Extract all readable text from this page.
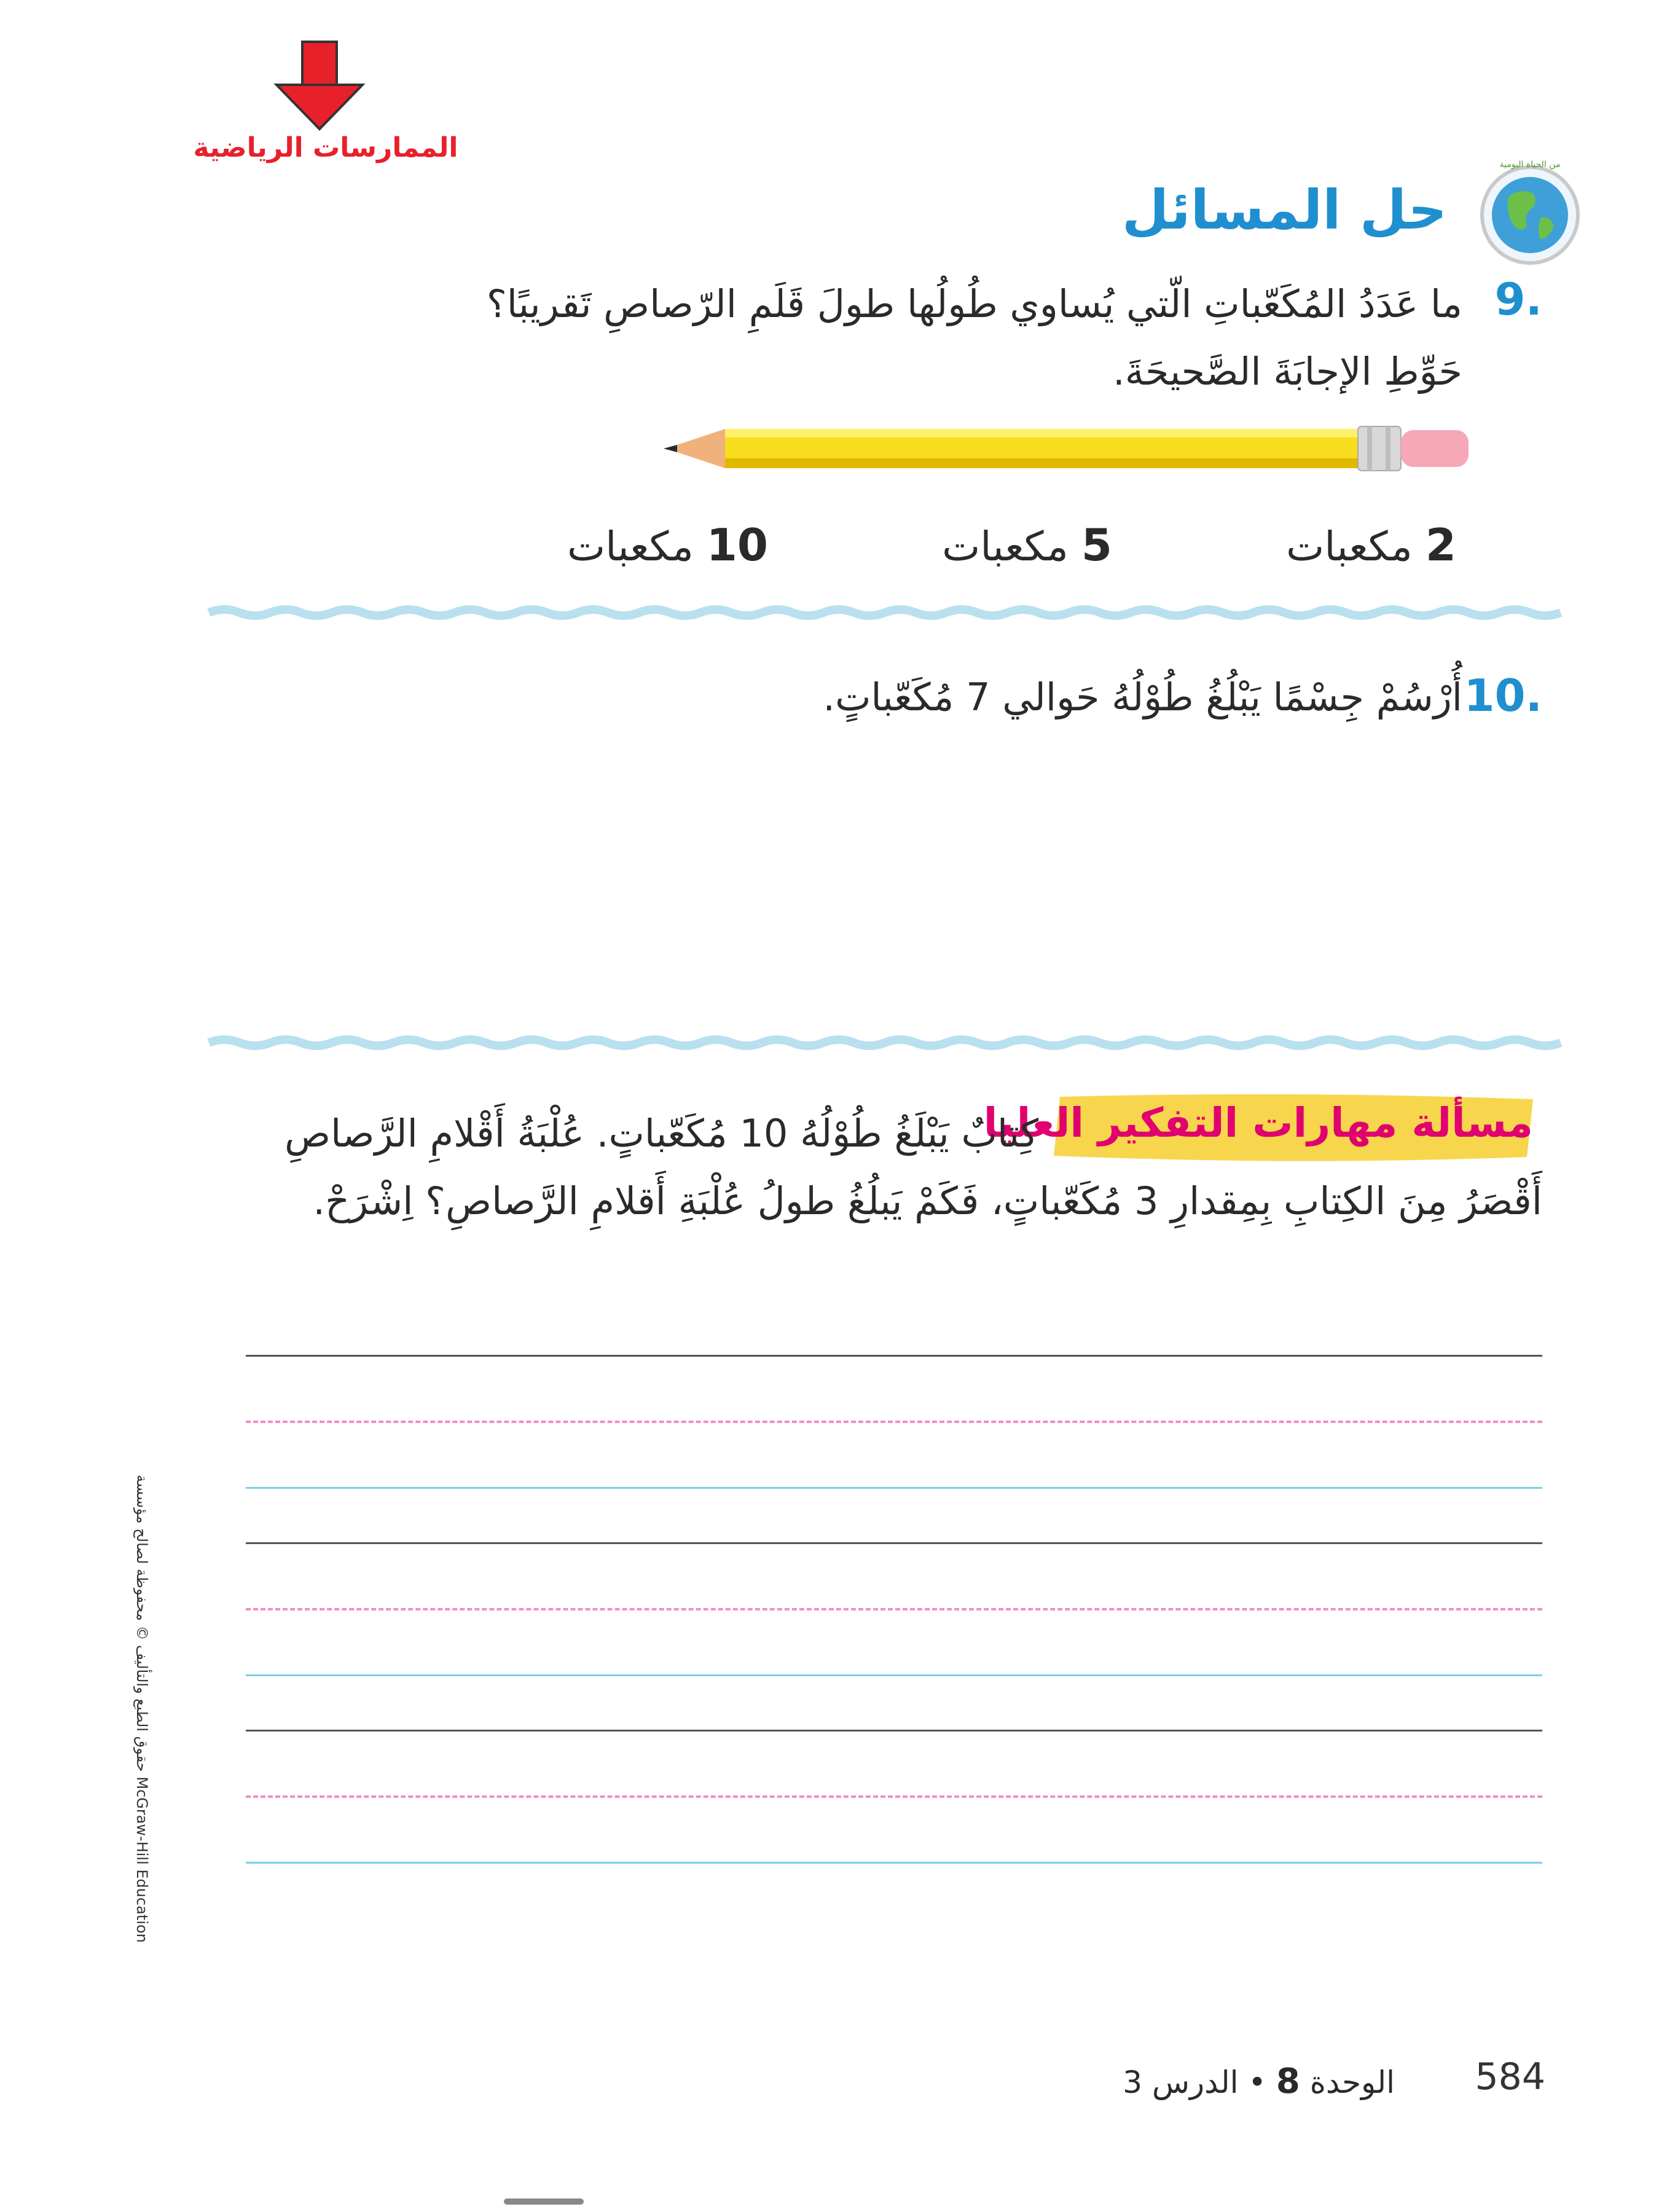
الممارسات الرياضية
من الحياة اليومية
حل المسائل
9.
ما عَدَدُ المُكَعّباتِ الّتي يُساوي طُولُها طولَ قَلَمِ الرّصاصِ تَقريبًا؟
حَوِّطِ الإجابَةَ الصَّحيحَةَ.
2 مكعبات
5 مكعبات
10 مكعبات
10.
أُرْسُمْ جِسْمًا يَبْلُغُ طُوْلُهُ حَوالي 7 مُكَعّباتٍ.
مسألة مهارات التفكير العليا
كِتابٌ يَبْلَغُ طُوْلُهُ 10 مُكَعّباتٍ. عُلْبَةُ أَقْلامِ الرَّصاصِ أَقْصَرُ مِنَ الكِتابِ بِمِقدارِ 3 مُكَعّباتٍ، فَكَمْ يَبلُغُ طولُ عُلْبَةِ أَقلامِ الرَّصاصِ؟ اِشْرَحْ.
حقوق الطبع والتأليف © محفوظة لصالح مؤسسة McGraw-Hill Education
الوحدة 8 • الدرس 3	584
